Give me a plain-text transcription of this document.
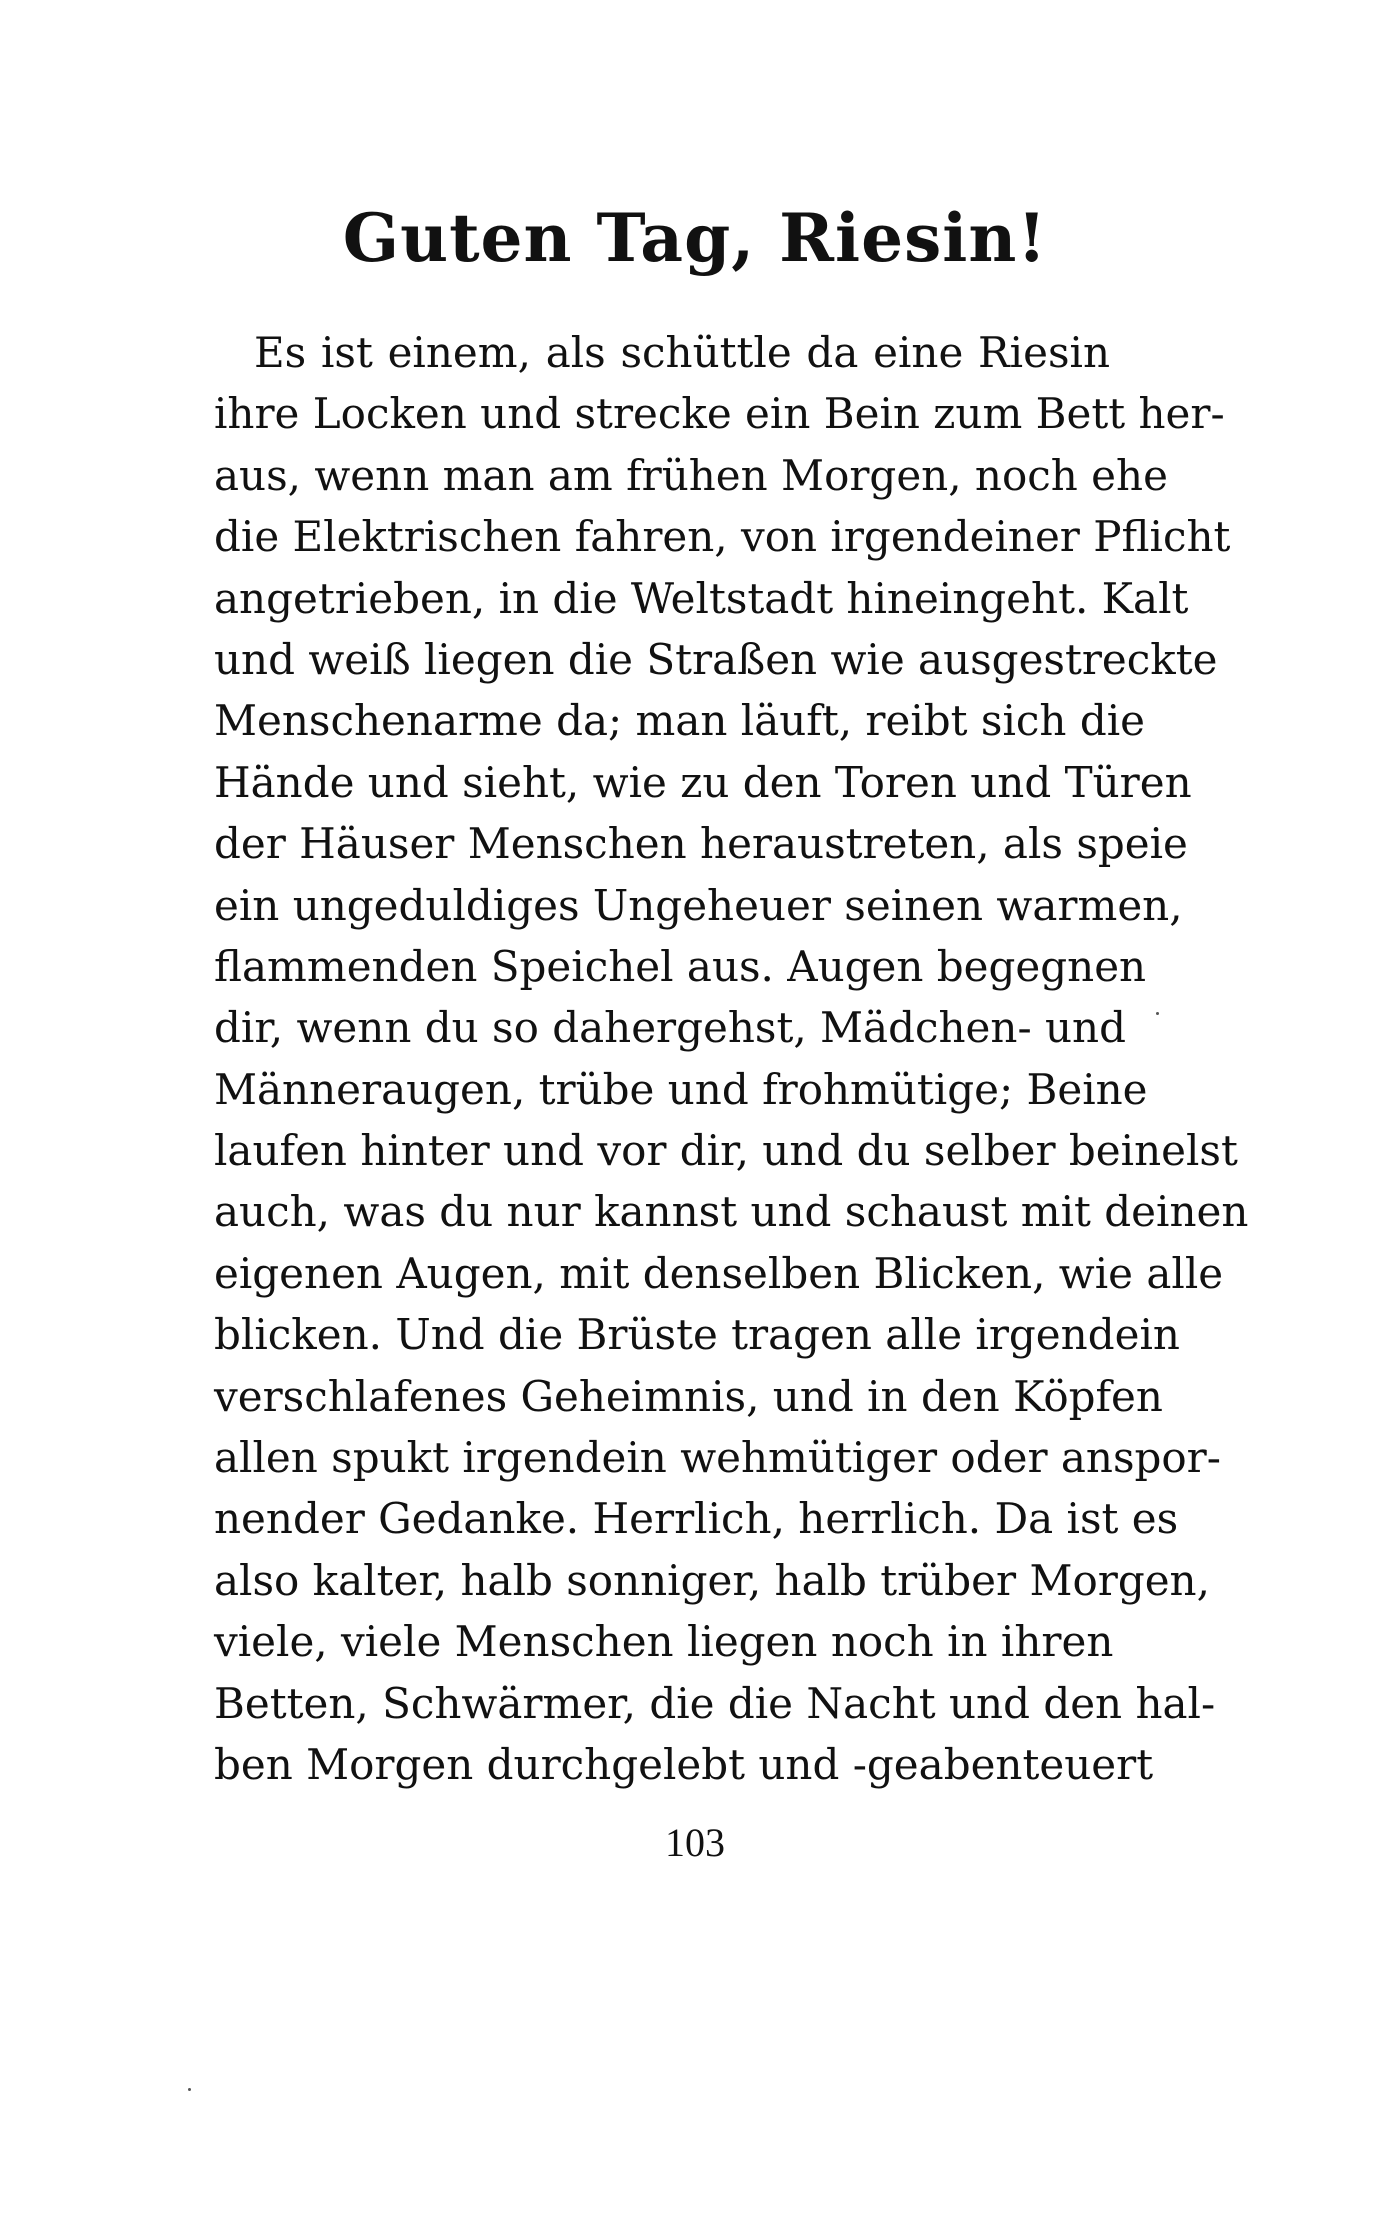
Guten Tag, Riesin!
Es ist einem, als schüttle da eine Riesin
ihre Locken und strecke ein Bein zum Bett her-
aus, wenn man am frühen Morgen, noch ehe
die Elektrischen fahren, von irgendeiner Pflicht
angetrieben, in die Weltstadt hineingeht. Kalt
und weiß liegen die Straßen wie ausgestreckte
Menschenarme da; man läuft, reibt sich die
Hände und sieht, wie zu den Toren und Türen
der Häuser Menschen heraustreten, als speie
ein ungeduldiges Ungeheuer seinen warmen,
flammenden Speichel aus. Augen begegnen
dir, wenn du so dahergehst, Mädchen- und
Männeraugen, trübe und frohmütige; Beine
laufen hinter und vor dir, und du selber beinelst
auch, was du nur kannst und schaust mit deinen
eigenen Augen, mit denselben Blicken, wie alle
blicken. Und die Brüste tragen alle irgendein
verschlafenes Geheimnis, und in den Köpfen
allen spukt irgendein wehmütiger oder anspor-
nender Gedanke. Herrlich, herrlich. Da ist es
also kalter, halb sonniger, halb trüber Morgen,
viele, viele Menschen liegen noch in ihren
Betten, Schwärmer, die die Nacht und den hal-
ben Morgen durchgelebt und -geabenteuert
103
